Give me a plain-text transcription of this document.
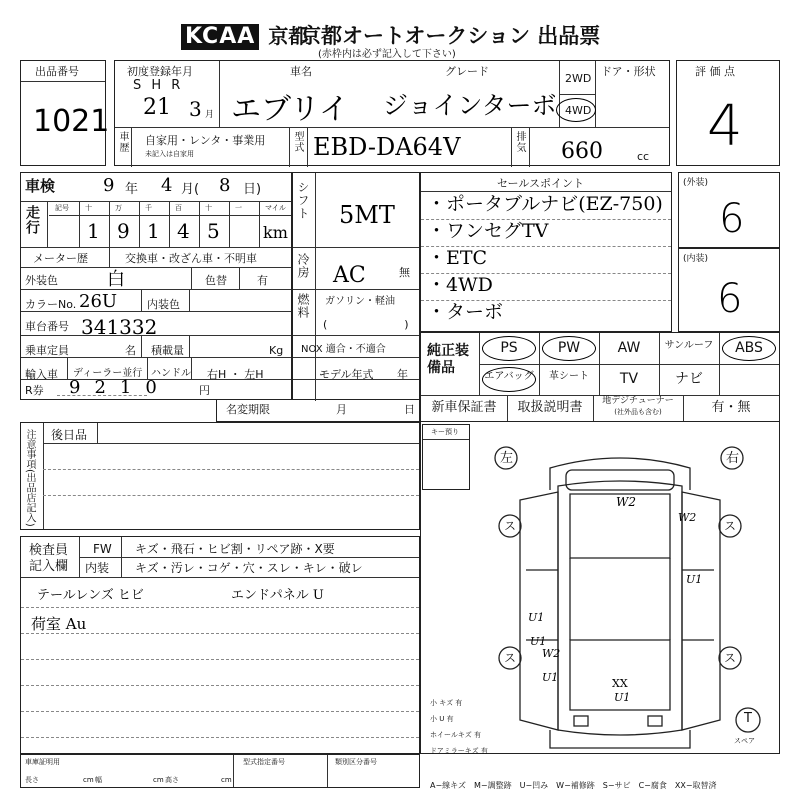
KCAA 京都
京都オートオークション 出品票
(赤枠内は必ず記入して下さい)
出品番号
1021
初度登録年月
S H R
車名	グレード
2WD
ドア・形状
4WD
21 3 月 エブリイ ジョインターボ
車歴 自家用・レンタ・事業用
未記入は自家用
型式 EBD-DA64V	排気 660	cc
評 価 点
4
車検	9 年 4 月( 8 日)
走行
メーター歴	交換車・改ざん車・不明車
外装色	白	色替	有
カラーNo. 26U	内装色
車台番号 341332
乗車定員	名 積載量	Kg
輸入車 ディーラー並行 ハンドル 右H ・ 左H
R券 9210	円
記号 十	万	千	百	十	一	マイル
1 9 1 4 5	km
名変期限	月	日
シフト 5MT
冷房 AC	無
燃料 ガソリン・軽油
(　　　　　　　)
NOX 適合・不適合
モデル年式 年
セールスポイント
・ポータブルナビ(EZ-750)
・ワンセグTV
・ETC
・4WD
・ターボ
(外装)
6
(内装)
6
純正装備品
PS	PW	AW	サンルーフ	ABS
エアバッグ	革シート	TV	ナビ
新車保証書	取扱説明書	地デジチューナー	有・無
(社外品も含む)
注意事項(出品店記入) 後日品
検査員記入欄
FW キズ・飛石・ヒビ割・リペア跡・X要
内装 キズ・汚レ・コゲ・穴・スレ・キレ・破レ
テールレンズ ヒビ	エンドパネル U
荷室 Au
キー預り
左	右
ス	ス
ス	ス
W2
W2
U1
U1
U1
W2
U1	XX
U1
小 キズ 有
小 U 有
ホイールキズ 有
ドアミラーキズ 有
T
スペア
車庫証明用	型式指定番号	類別区分番号
長さ	cm 幅	cm 高さ	cm
A−線キズ　M−調整跡　U−凹み　W−補修跡　S−サビ　C−腐食　XX−取替済
